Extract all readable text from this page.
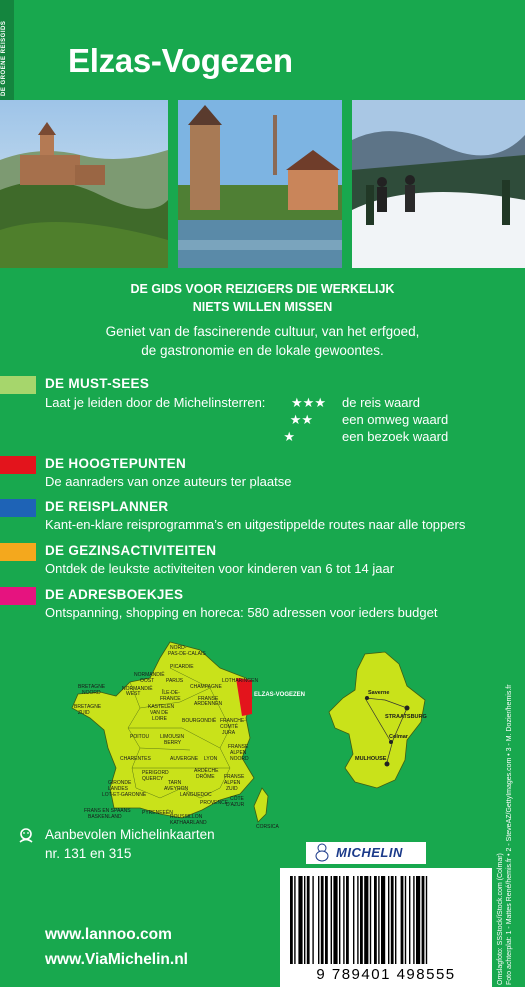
DE GROENE REISGIDS Elzas-Vogezen
DE GIDS VOOR REIZIGERS DIE WERKELIJK
NIETS WILLEN MISSEN
Geniet van de fascinerende cultuur, van het erfgoed,
de gastronomie en de lokale gewoontes.
DE MUST-SEES
Laat je leiden door de Michelinsterren:	★★★ de reis waard
★★ een omweg waard
★	een bezoek waard
DE HOOGTEPUNTEN
De aanraders van onze auteurs ter plaatse
DE REISPLANNER
Kant-en-klare reisprogramma’s en uitgestippelde routes naar alle toppers
DE GEZINSACTIVITEITEN
Ontdek de leukste activiteiten voor kinderen van 6 tot 14 jaar
DE ADRESBOEKJES
Ontspanning, shopping en horeca: 580 adressen voor ieders budget
NORD-
PAS-DE-CALAIS
PICARDIE
NORMANDIË
OOST PARIJS
NORMANDIË
WEST	ÎLE-DE-
FRANCE
CHAMPAGNE
LOTHARINGEN
FRANSE
ARDENNEN
BRETAGNE
NOORD
BRETAGNE
ZUID
KASTELEN
VAN DE
LOIRE	BOURGONDIË FRANCHE-
COMTÉ
JURA
POITOU LIMOUSIN
BERRY
CHARENTES	AUVERGNE LYON
FRANSE
ALPEN
NOORD
PERIGORD
QUERCY
GIRONDE
LANDES
LOT-ET-GARONNE
TARN
AVEYRON
ARDÈCHE
DRÔME FRANSE
ALPEN
ZUID
LANGUEDOC
PROVENCE
CÔTE
D'AZUR
FRANS EN SPAANS
BASKENLAND
PYRENEEËN
ROUSSILLON
KATHAARLAND
CORSICA
ELZAS-VOGEZEN	Saverne
STRAATSBURG
Colmar
MULHOUSE
Aanbevolen Michelinkaarten
nr. 131 en 315	MICHELIN
www.lannoo.com
www.ViaMichelin.nl
9 789401 498555	Omslagfoto: SSStock/iStock.com (Colmar) Foto achterplat: 1 - Mattes René/hemis.fr • 2 - SteveAZ/GettyImages.com • 3 - M. Dozier/hemis.fr
